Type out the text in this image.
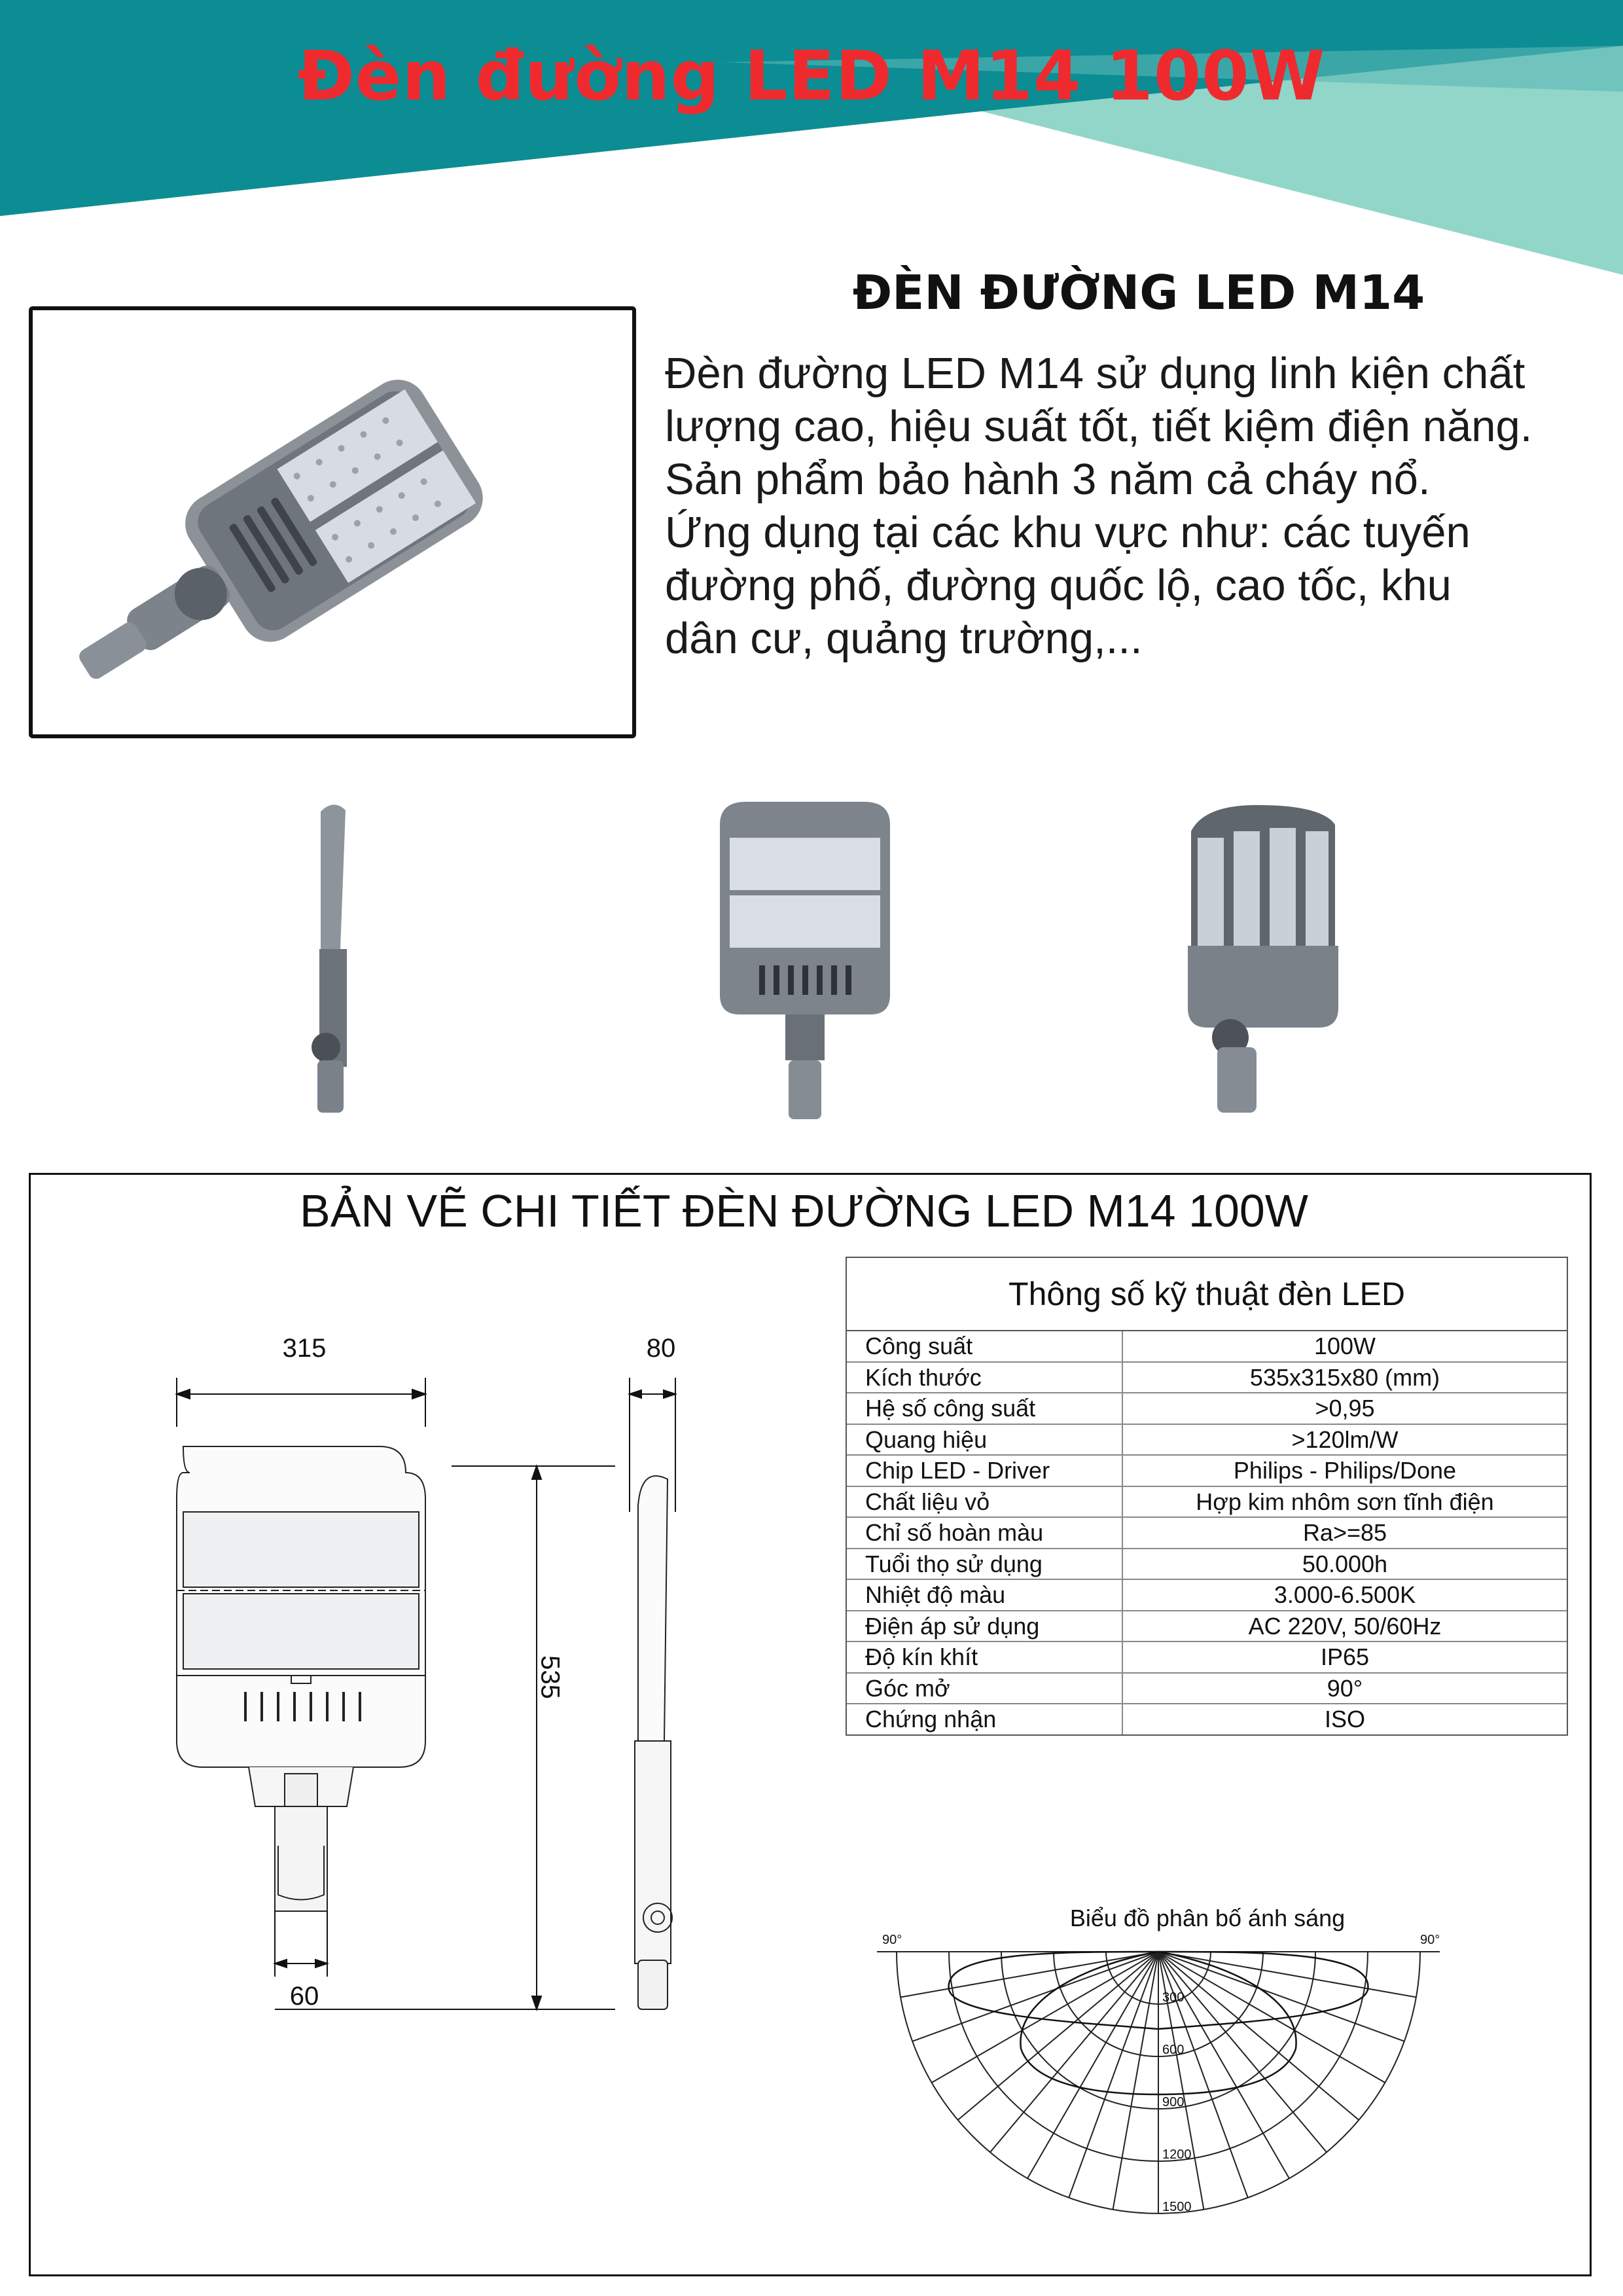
Đèn đường LED M14 100W
ĐÈN ĐƯỜNG LED M14
Đèn đường LED M14 sử dụng linh kiện chất
lượng cao, hiệu suất tốt, tiết kiệm điện năng.
Sản phẩm bảo hành 3 năm cả cháy nổ.
Ứng dụng tại các khu vực như: các tuyến
đường phố, đường quốc lộ, cao tốc, khu
dân cư, quảng trường,...
BẢN VẼ CHI TIẾT ĐÈN ĐƯỜNG LED M14 100W
315	80
535
60
Thông số kỹ thuật đèn LED
Công suất	100W
Kích thước	535x315x80 (mm)
Hệ số công suất	>0,95
Quang hiệu	>120lm/W
Chip LED - Driver	Philips - Philips/Done
Chất liệu vỏ	Hợp kim nhôm sơn tĩnh điện
Chỉ số hoàn màu	Ra>=85
Tuổi thọ sử dụng	50.000h
Nhiệt độ màu	3.000-6.500K
Điện áp sử dụng	AC 220V, 50/60Hz
Độ kín khít	IP65
Góc mở	90°
Chứng nhận	ISO
Biểu đồ phân bố ánh sáng
90°	90°
300
600
900
1200
1500
